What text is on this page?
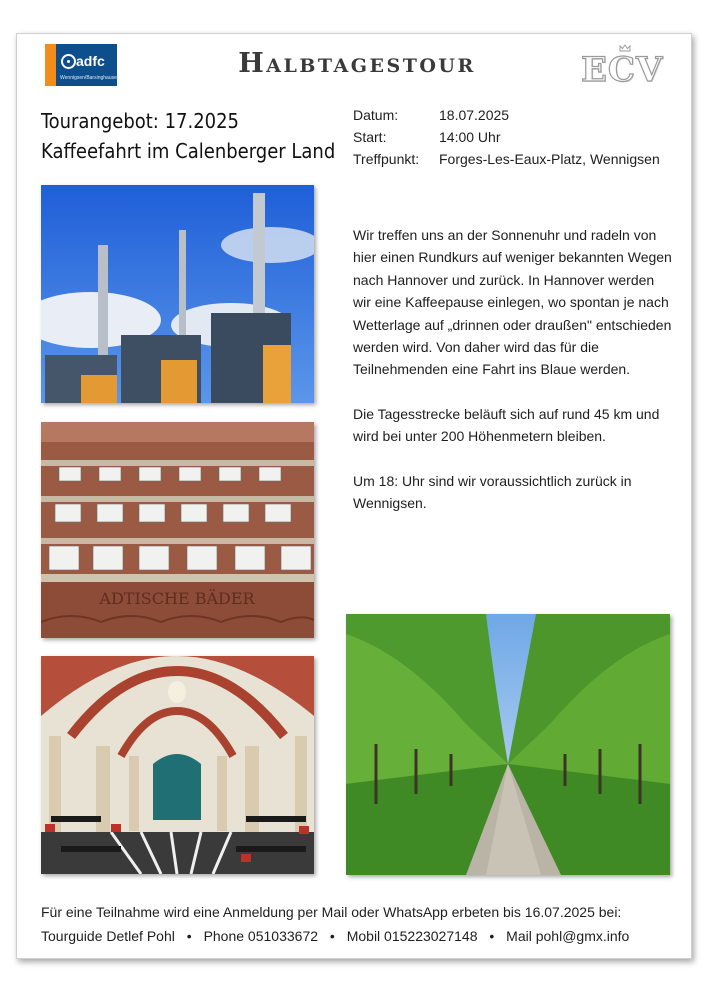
adfc
Wennigsen/Barsinghausen	Halbtagestour	ECV
Tourangebot: 17.2025
Kaffeefahrt im Calenberger Land
Datum:	18.07.2025
Start:	14:00 Uhr
Treffpunkt:	Forges-Les-Eaux-Platz, Wennigsen
ADTISCHE BÄDER

Wir treffen uns an der Sonnenuhr und radeln von hier einen Rundkurs auf weniger bekannten Wegen nach Hannover und zurück. In Hannover werden wir eine Kaffeepause einlegen, wo spontan je nach Wetterlage auf „drinnen oder draußen" entschieden werden wird. Von daher wird das für die Teilnehmenden eine Fahrt ins Blaue werden.

Die Tagesstrecke beläuft sich auf rund 45 km und wird bei unter 200 Höhenmetern bleiben.

Um 18: Uhr sind wir voraussichtlich zurück in Wennigsen.

Für eine Teilnahme wird eine Anmeldung per Mail oder WhatsApp erbeten bis 16.07.2025 bei:
Tourguide Detlef Pohl • Phone 051033672 • Mobil 015223027148 • Mail pohl@gmx.info
